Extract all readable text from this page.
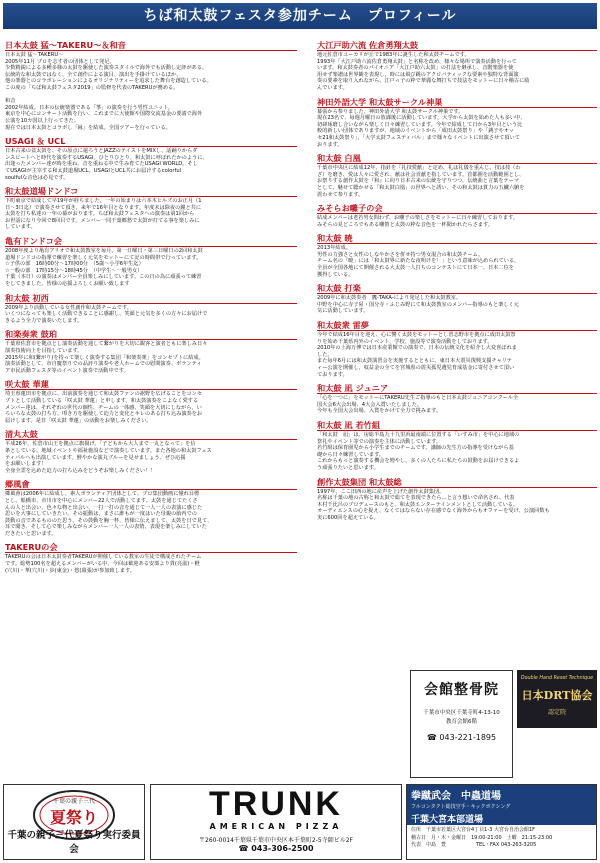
ちば和太鼓フェスタ参加チーム　プロフィール
日本太鼓 猛〜TAKERU〜＆和音
日本太鼓 猛〜TAKERU〜
2005年11月 プロを志す者の団体として発足。
少数精鋭による多種多様の太鼓を駆使した演奏スタイルで海外でも活動し定評がある。
伝統的な和太鼓ではなく、全て創作による演目、演出を手掛けているほか、
他の楽器とのコラボレーションによるオリジナリティーを追求した舞台を創造している。
この度の「ちば和太鼓フェスタ2019」の監修を代表のTAKERUが務める。

和音
2002年結成。日本の伝統楽器である「箏」の演奏を行う男性ユニット。
東京を中心にコンサート活動を行い、これまでに大使館や国際交流基金の要請で海外
公演を10カ国以上行ってきた。
現在では日本太鼓とコラボし「縁」を結成。全国ツアーを行っている。
USAGI ＆ UCL
日本古来の盆太鼓を、その原点に還ろうとJAZZのテイストをMIXし、話踊りからダ
ンスビートへと時代を演奏するUSAGI。ひとりひとり、和太鼓に呼ばれたかのように、
出逢ったメンバー達が時を重ね、音を重ねる中で生み育てたUSAGI WORLD。そし
てUSAGIが主宰する和太鼓道場UCL。USAGIとUCL共にお届けするcolorful
soulfulな音色は必見です。
和太鼓道場ドンドコ
下町東京で結成して早19年が経ちました。一年の始まりは六本木ヒルズのお正月（1
日〜3日迄）で演奏させて頂き、来年で16年目となります。年度末は除夜の鐘と共に
太鼓を打ち私達の一年の幕がおります。ちば和太鼓フェスタへの演奏は第1回から
お世話になり今回で8回目です。メンバー一同千葉郷愁で太鼓が打てる事を楽しみに
しています。
亀有ドンドコ会
2008年度より亀有アリオで和太鼓教室を毎月、第一日曜日・第三日曜日の2回和太鼓
道場ドンドコの指導で練習を楽しく元気をモットーにて記の時間帯で行っています。
☆子供の部　16時00分〜17時00分　（5歳〜小学6年生迄）
☆一般の部　17時15分〜18時45分　（中学生〜一般男女）
千葉（本日）の演奏はメンバー全員楽しみにしています。この日の為に頑張って練習
をしてきました。皆様の応援よろしくお願い致します
和太鼓 初西
2009年より活動している女性創作和太鼓チームです。
いくつになっても楽しく活動できることに感謝し、笑顔と元気を多くの方々にお届けで
きるよう全力で演奏いたします。
和楽奏衆 鼓珀
千葉県佐倉市を拠点とし演奏活動を通して繋がりを大切に観客と演者ともに楽しみ日々
演奏技術向上を目指しています。
2015年に和(繋がり)を持って楽しく演奏する集団「和楽奏衆」をコンセプトに結成。
演奏活動として、市自慶祭りでの品評り演奏や老人ホームでの慰問演奏、ボランティ
ア市民活動フェスタ等のイベント演奏で活動中です。
咲太鼓 華蓮
埼玉県蓮田市を拠点に、出前演奏を通じて和太鼓ファンの裾野を広げることをコンセ
プトとして活動している「咲太鼓 華蓮」と申します。和太鼓演奏をこよなく愛する
メンバー達は、それぞれの世代の個性、チームの一体感、笑顔を大切にしながら、い
ろいろな太鼓の打ち方、叩き方を駆使して迫力と変化とキレのある打ち込み演奏をお
届けします。是非「咲太鼓 華蓮」の活動をお楽しみください。
清丸太鼓
平成26年、佐倉市山王を拠点に旗揚げ。「子どもから大人まで一丸となって」を信
条としている。地域イベントや福祉施設などで演奏しています。また各地の和太鼓フェス
ティバルへも出演しています。鮮やかな演丸ブルーを見せましょう、ぜひ応援
をお願いします！
全身全霊を込めた迫力の打ち込みをどうぞお楽しみください！！
郷風會
郷風會は2006年に結成し、素人ボランティア団体として、プロ集団動画に憧れ目標
とし、船橋市、市川市を中心にメンバー22人で活動してます。太鼓を通じてたくさ
んの人と出会い、色々な物と出会い、一打一打の音を通じて一人一人の表演に感じた
思いを大事にしていきたい。その振動は、まさに誰もが一度はいた母親の胎内での
鼓動の音であるもののた思う。その鼓動を胸一杯、皆様に伝えまして、太鼓を日で見て、
耳で聞き、そして心で楽しみながらメンバー一人一人の表情、表現を楽しみにしていた
だきたいと思います。
TAKERUの会
TAKERUの会は日本太鼓奏者TAKERUが開催している教室の生徒で構成されたチーム
です。総勢100名を超えるメンバーがいる中、今回は歓迎ある安部より貫(亮滋)・軽
(穴川)・華(穴川)・歩(東金)・悠(幕張)が参加致します。
大江戸助六流 佐倉勇翔太鼓
地元佐倉市ユーカリが丘で1983年に誕生した和太鼓チームです。
1993年「大江戸助六流佐倉勇翔太鼓」と名称を改め、様々な場所で演奏活動を行って
います。和太鼓奏者のパイオニア「大江戸助六太鼓」の打法を継承し、音階楽器を使
用せず楽譜は世界観を表現し、時には飛び跳のアクロバティックな要素や独特な背面演
奏の要素を取り入れながら、江戸っ子の粋で華麗な舞打ちで技法をモットーに日々稽古に励
んでいます。
神田外語大学 和太鼓サークル神巣
幕張から参りました、神田外語大学 和太鼓サークル神巣です。
現在23名で、毎週月曜日の放課後に活動しています。大学から太鼓を始めた人も多い中、
切磋琢磨し合いながら楽しく日々練習しています。今年で結成して日から3年目という比
較的新しい団体でありますが、地域のイベントから「成田太鼓祭り」や「銚子やオッ
セ21和太鼓祭り」、「大学太鼓フェスティバル」まで様々なイベントに出演させて頂いて
おります。
和太鼓 白凰
千葉市中央区に結成12年、指針を「礼技愛献」と定め、礼は礼儀を重んじ、技は技（わ
ざ）を磨き、愛は人々に愛され、献は社会貢献を指しています。首都圏を活動範囲とし、
お祭りする創作太鼓を『和』に向り日本古来の伝統を守りつつ、伝統曲と言葉をテーマ
として、魅せて聴かせる「和太鼓白凰」の世界へと誘い、その和太鼓は貫力の五臓六腑を
震わせて参ります。
みそらお囃子の会
結成メンバーは老若男女問わず、お囃子の楽しさをモットーに日々練習しております。
みそらの見どころでもある囃笛と太鼓の粋な音色を一杯聞かれたらさます。
和太鼓 暁
2013年結成。
男性の力強さと女性のしなやかさを併せ持つ男女混合の和太鼓チーム。
チーム名の「暁」には「和太鼓界に新たな夜明けを！」という意味が込められている。
全員が全国各地にて開催される大太鼓一人打ちのコンテストにて日本一、日本二位を
獲得している。
和太鼓 打楽
2009年に和太鼓奏者　鷹-TAKA-により発足した和太鼓教室。
中野を中心に寺子屋・国分寺・ふじみ野にて和太鼓教室のメンバー指導のもと楽しく元
気に活動しています。
和太鼓衆 雷夢
今年で結成16年目を迎え、心に響く太鼓をモットーとし習志野市を拠点に成田太鼓祭
りを始め千葉県内外のイベント、学校、施設等で演奏活動をしております。
2010年の上海万博では日本産業館での演奏で、日本の伝統文化を紹介し大変喜ばれま
した。
また毎年6月には和太鼓演習会を実施するとともに、東日本大震災復興支援チャリテ
ィー公演を開催し、収益金の全てを宮城県の震災孤児遺児育成基金に寄付させて頂い
ております。
和太鼓 凪 ジュニア
「心を一つに」をモットーにTAKERU先生ご指導のもと日本太鼓ジュニアコンクール全
国大会6大会出場、4大会入賞いたしました。
今年も全国大会出場、入賞をかけて全力で挑みます。
和太鼓 凪 若竹組
「和太鼓　凪」は、房総半島九十九里浜最南端に位置する「いすみ市」を中心に地域の
祭礼やイベント等での演奏を主体に活動しています。
若竹組は保育園児から小学生までのチームです。講師の先生方の指導を受けながら基
礎から日々練習しています。
これからもっと演奏する機会を増やし、多くの人たちに私たちの鼓動をお届けできるよ
う頑張りたいと思います。
創作太鼓集団 和太鼓総
1997年、ここ田西の地に産声を上げた創作太鼓集団。
名称は千葉の地の古称と和太鼓で総てを表現できたら…と言う想いで命名され、代表
木村千比呂のプロデュースのもと、和太鼓エンターテインメントとして活動している。
オーディエンスの心を捉え、なくてはならない存在感でなく海外からもオファーを受け、公演回数も
実に600回を超えている。
会館整骨院
千葉市中央区千葉寺町4-13-10
教育会館6階
☎ 043-221-1895
Double Hand Reset Technique
日本DRT協会
認定院
千葉の親子三代
夏祭り
千葉の親子三代夏祭り実行委員会
TRUNK
AMERICAN PIZZA
〒260-0014千葉県千葉市中央区本千葉町2-5寺師ビル2F
☎ 043-306-2500
拳蹴武会　中蟲道場
フルコンタクト総技空手・キックボクシング
千葉大宮本部道場
住所　千葉市若葉区大宮台4丁目1-3 大宮台自治会館1F
稽古日　月・木・金曜日　19:00-21:00　土曜　21:15-23:00
代表　中島　豊　　　　　　TEL・FAX 043-263-3205
